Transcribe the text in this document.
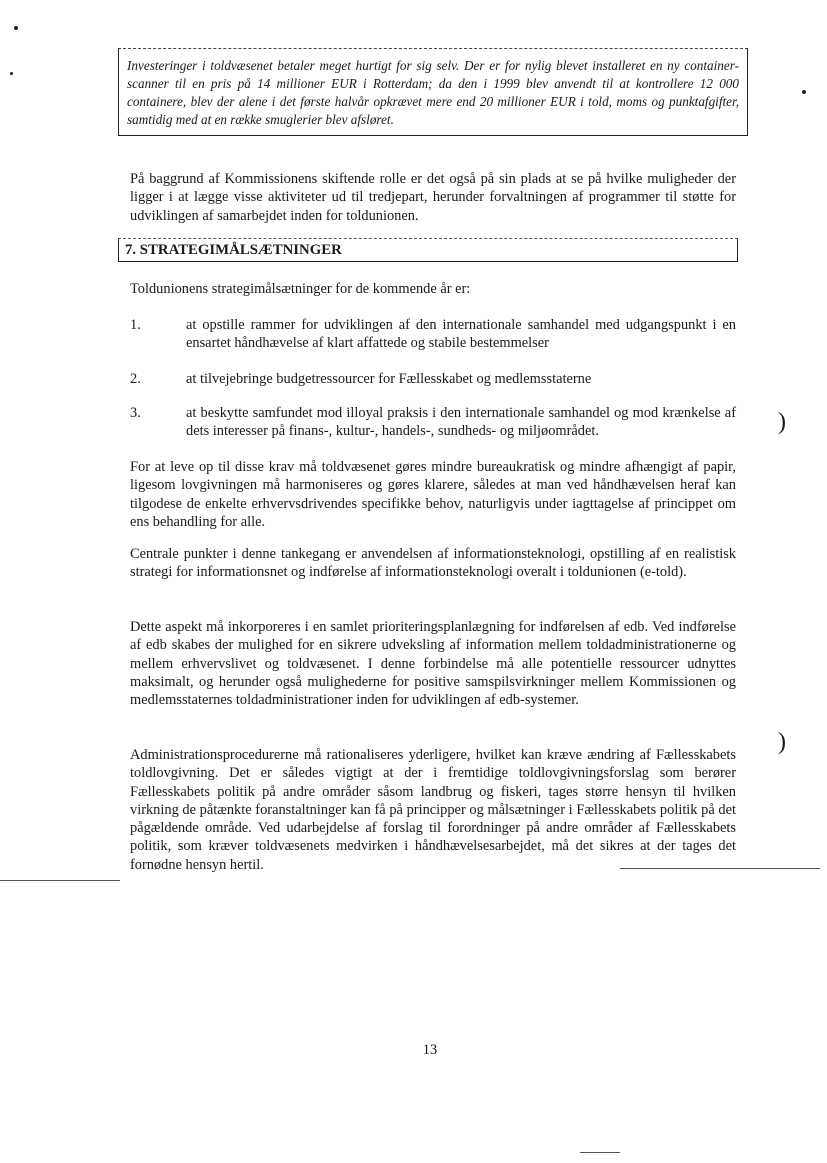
Investeringer i toldvæsenet betaler meget hurtigt for sig selv. Der er for nylig blevet installeret en ny container-scanner til en pris på 14 millioner EUR i Rotterdam; da den i 1999 blev anvendt til at kontrollere 12 000 containere, blev der alene i det første halvår opkrævet mere end 20 millioner EUR i told, moms og punktafgifter, samtidig med at en række smuglerier blev afsløret.

På baggrund af Kommissionens skiftende rolle er det også på sin plads at se på hvilke muligheder der ligger i at lægge visse aktiviteter ud til tredjepart, herunder forvaltningen af programmer til støtte for udviklingen af samarbejdet inden for toldunionen.

7. STRATEGIMÅLSÆTNINGER

Toldunionens strategimålsætninger for de kommende år er:

1.	at opstille rammer for udviklingen af den internationale samhandel med udgangspunkt i en ensartet håndhævelse af klart affattede og stabile bestemmelser
2.	at tilvejebringe budgetressourcer for Fællesskabet og medlemsstaterne
3.	at beskytte samfundet mod illoyal praksis i den internationale samhandel og mod krænkelse af dets interesser på finans-, kultur-, handels-, sundheds- og miljøområdet.

For at leve op til disse krav må toldvæsenet gøres mindre bureaukratisk og mindre afhængigt af papir, ligesom lovgivningen må harmoniseres og gøres klarere, således at man ved håndhævelsen heraf kan tilgodese de enkelte erhvervsdrivendes specifikke behov, naturligvis under iagttagelse af princippet om ens behandling for alle.

Centrale punkter i denne tankegang er anvendelsen af informationsteknologi, opstilling af en realistisk strategi for informationsnet og indførelse af informationsteknologi overalt i toldunionen (e-told).

Dette aspekt må inkorporeres i en samlet prioriteringsplanlægning for indførelsen af edb. Ved indførelse af edb skabes der mulighed for en sikrere udveksling af information mellem toldadministrationerne og mellem erhvervslivet og toldvæsenet. I denne forbindelse må alle potentielle ressourcer udnyttes maksimalt, og herunder også mulighederne for positive samspilsvirkninger mellem Kommissionen og medlemsstaternes toldadministrationer inden for udviklingen af edb-systemer.

Administrationsprocedurerne må rationaliseres yderligere, hvilket kan kræve ændring af Fællesskabets toldlovgivning. Det er således vigtigt at der i fremtidige toldlovgivningsforslag som berører Fællesskabets politik på andre områder såsom landbrug og fiskeri, tages større hensyn til hvilken virkning de påtænkte foranstaltninger kan få på principper og målsætninger i Fællesskabets politik på det pågældende område. Ved udarbejdelse af forslag til forordninger på andre områder af Fællesskabets politik, som kræver toldvæsenets medvirken i håndhævelsesarbejdet, må det sikres at der tages det fornødne hensyn hertil.

13
)
)
